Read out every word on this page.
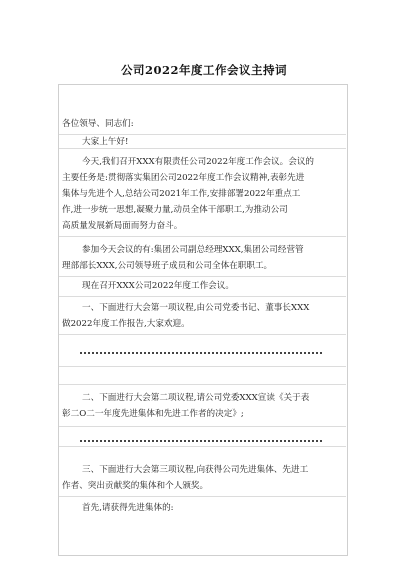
公司2022年度工作会议主持词
各位领导、同志们:
大家上午好!
今天,我们召开XXX有限责任公司2022年度工作会议。会议的
主要任务是:贯彻落实集团公司2022年度工作会议精神,表彰先进
集体与先进个人,总结公司2021年工作,安排部署2022年重点工
作,进一步统一思想,凝聚力量,动员全体干部职工,为推动公司
高质量发展新局面而努力奋斗。
参加今天会议的有:集团公司副总经理XXX,集团公司经营管
理部部长XXX,公司领导班子成员和公司全体在职职工。
现在召开XXX公司2022年度工作会议。
一、下面进行大会第一项议程,由公司党委书记、董事长XXX
做2022年度工作报告,大家欢迎。
二、下面进行大会第二项议程,请公司党委XXX宣读《关于表
彰二O二一年度先进集体和先进工作者的决定》;
三、下面进行大会第三项议程,向获得公司先进集体、先进工
作者、突出贡献奖的集体和个人颁奖。
首先,请获得先进集体的:
